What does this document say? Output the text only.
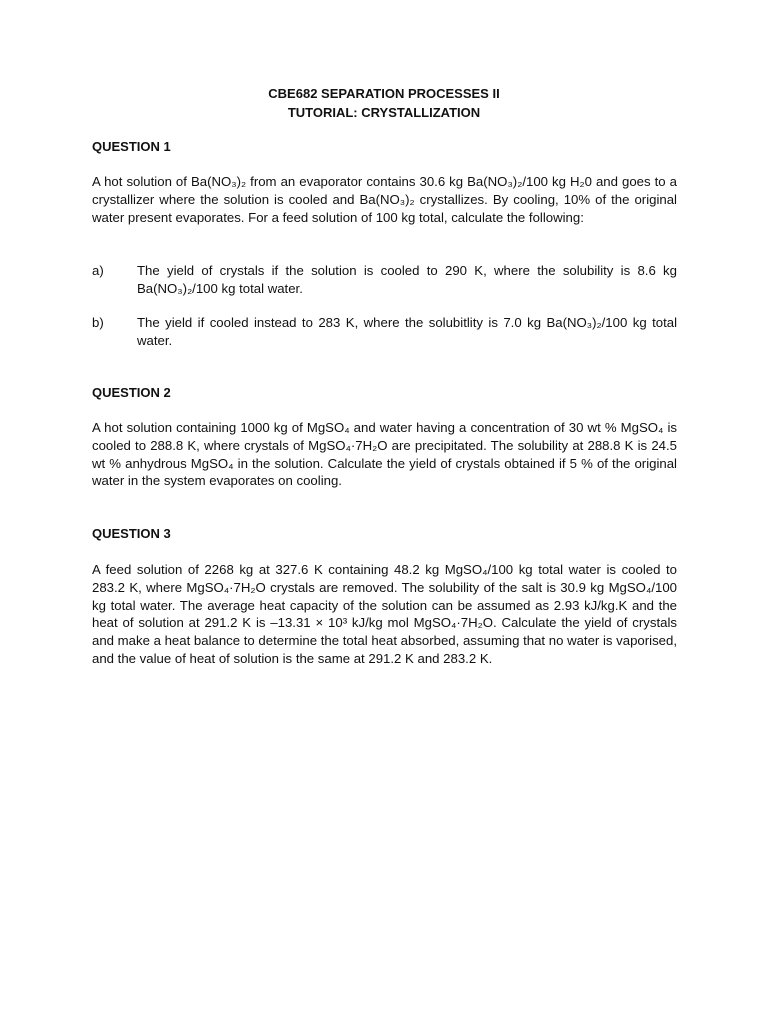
CBE682 SEPARATION PROCESSES II
TUTORIAL: CRYSTALLIZATION
QUESTION 1
A hot solution of Ba(NO₃)₂ from an evaporator contains 30.6 kg Ba(NO₃)₂/100 kg H₂0 and goes to a crystallizer where the solution is cooled and Ba(NO₃)₂ crystallizes. By cooling, 10% of the original water present evaporates. For a feed solution of 100 kg total, calculate the following:
a)	The yield of crystals if the solution is cooled to 290 K, where the solubility is 8.6 kg Ba(NO₃)₂/100 kg total water.
b)	The yield if cooled instead to 283 K, where the solubitlity is 7.0 kg Ba(NO₃)₂/100 kg total water.
QUESTION 2
A hot solution containing 1000 kg of MgSO₄ and water having a concentration of 30 wt % MgSO₄ is cooled to 288.8 K, where crystals of MgSO₄·7H₂O are precipitated. The solubility at 288.8 K is 24.5 wt % anhydrous MgSO₄ in the solution. Calculate the yield of crystals obtained if 5 % of the original water in the system evaporates on cooling.
QUESTION 3
A feed solution of 2268 kg at 327.6 K containing 48.2 kg MgSO₄/100 kg total water is cooled to 283.2 K, where MgSO₄·7H₂O crystals are removed. The solubility of the salt is 30.9 kg MgSO₄/100 kg total water. The average heat capacity of the solution can be assumed as 2.93 kJ/kg.K and the heat of solution at 291.2 K is –13.31 × 10³ kJ/kg mol MgSO₄·7H₂O. Calculate the yield of crystals and make a heat balance to determine the total heat absorbed, assuming that no water is vaporised, and the value of heat of solution is the same at 291.2 K and 283.2 K.
